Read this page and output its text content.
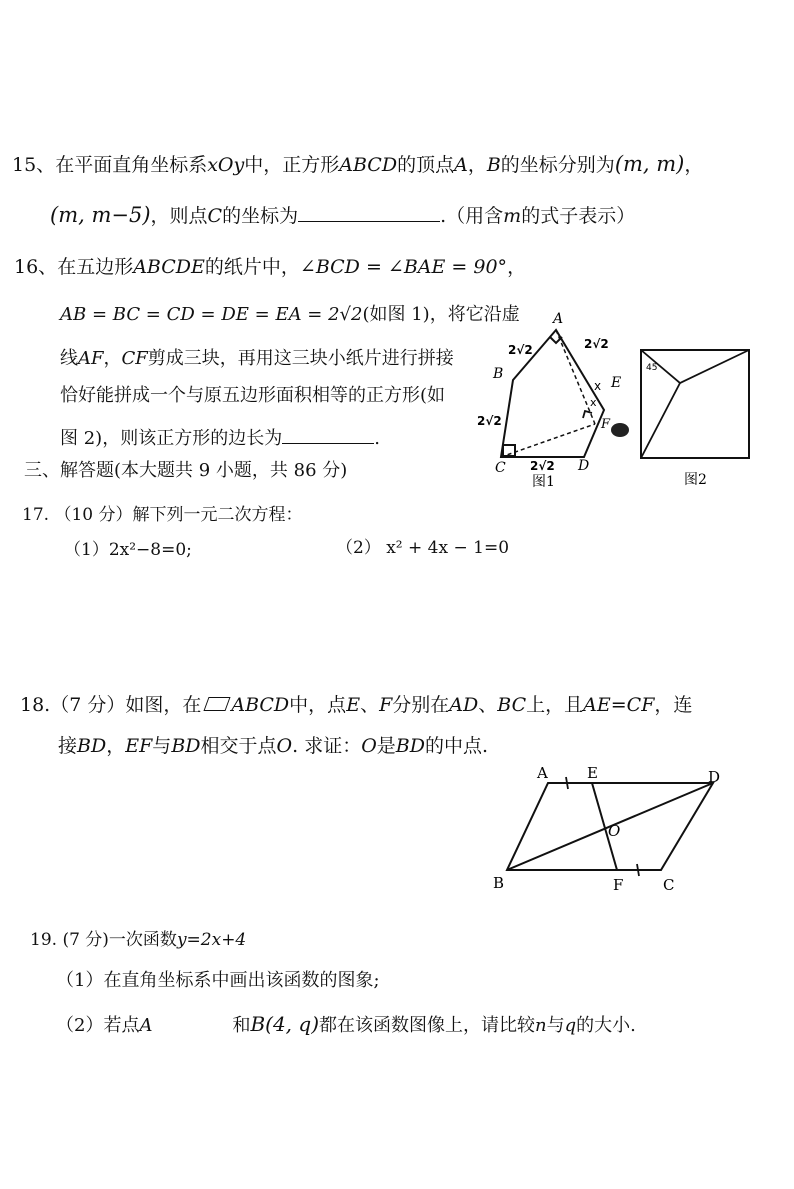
15、在平面直角坐标系xOy中，正方形ABCD的顶点A，B的坐标分别为(m, m)，
(m, m−5)，则点C的坐标为	.（用含m的式子表示）
16、在五边形ABCDE的纸片中，∠BCD = ∠BAE = 90°，
AB = BC = CD = DE = EA = 2√2(如图 1)，将它沿虚
线AF，CF剪成三块，再用这三块小纸片进行拼接
恰好能拼成一个与原五边形面积相等的正方形(如
图 2)，则该正方形的边长为	.
A
B
C	D
E
F
2√2	2√2
2√2
2√2
x
x
图1
45
图2
三、解答题(本大题共 9 小题，共 86 分)
17. （10 分）解下列一元二次方程：
（1）2x²−8=0;	（2） x² + 4x − 1=0
18.（7 分）如图，在 ABCD中，点E、F分别在AD、BC上，且AE=CF，连
接BD，EF与BD相交于点O. 求证：O是BD的中点.
A	E	D
O
B	F	C
19. (7 分)一次函数y=2x+4
（1）在直角坐标系中画出该函数的图象;
（2）若点A	和B(4, q)都在该函数图像上，请比较n与q的大小.
